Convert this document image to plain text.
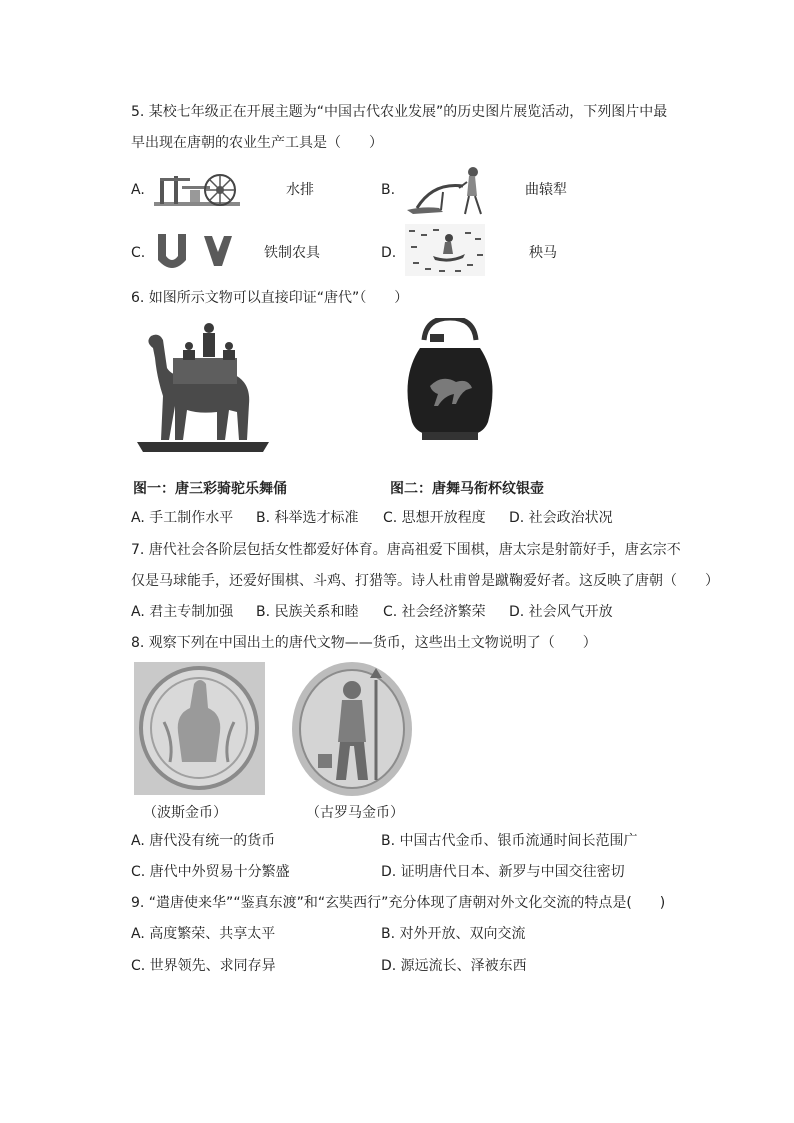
5. 某校七年级正在开展主题为“中国古代农业发展”的历史图片展览活动，下列图片中最
早出现在唐朝的农业生产工具是（　　）
A.	水排	B.	曲辕犁
C.	铁制农具	D.	秧马
6. 如图所示文物可以直接印证“唐代”（　　）
图一：唐三彩骑驼乐舞俑	图二：唐舞马衔杯纹银壶
A. 手工制作水平 B. 科举选才标准 C. 思想开放程度 D. 社会政治状况
7. 唐代社会各阶层包括女性都爱好体育。唐高祖爱下围棋，唐太宗是射箭好手，唐玄宗不
仅是马球能手，还爱好围棋、斗鸡、打猎等。诗人杜甫曾是蹴鞠爱好者。这反映了唐朝（　　）
A. 君主专制加强 B. 民族关系和睦 C. 社会经济繁荣 D. 社会风气开放
8. 观察下列在中国出土的唐代文物——货币，这些出土文物说明了（　　）
（波斯金币）	（古罗马金币）
A. 唐代没有统一的货币	B. 中国古代金币、银币流通时间长范围广
C. 唐代中外贸易十分繁盛	D. 证明唐代日本、新罗与中国交往密切
9. “遣唐使来华”“鉴真东渡”和“玄奘西行”充分体现了唐朝对外文化交流的特点是(　　)
A. 高度繁荣、共享太平	B. 对外开放、双向交流
C. 世界领先、求同存异	D. 源远流长、泽被东西
